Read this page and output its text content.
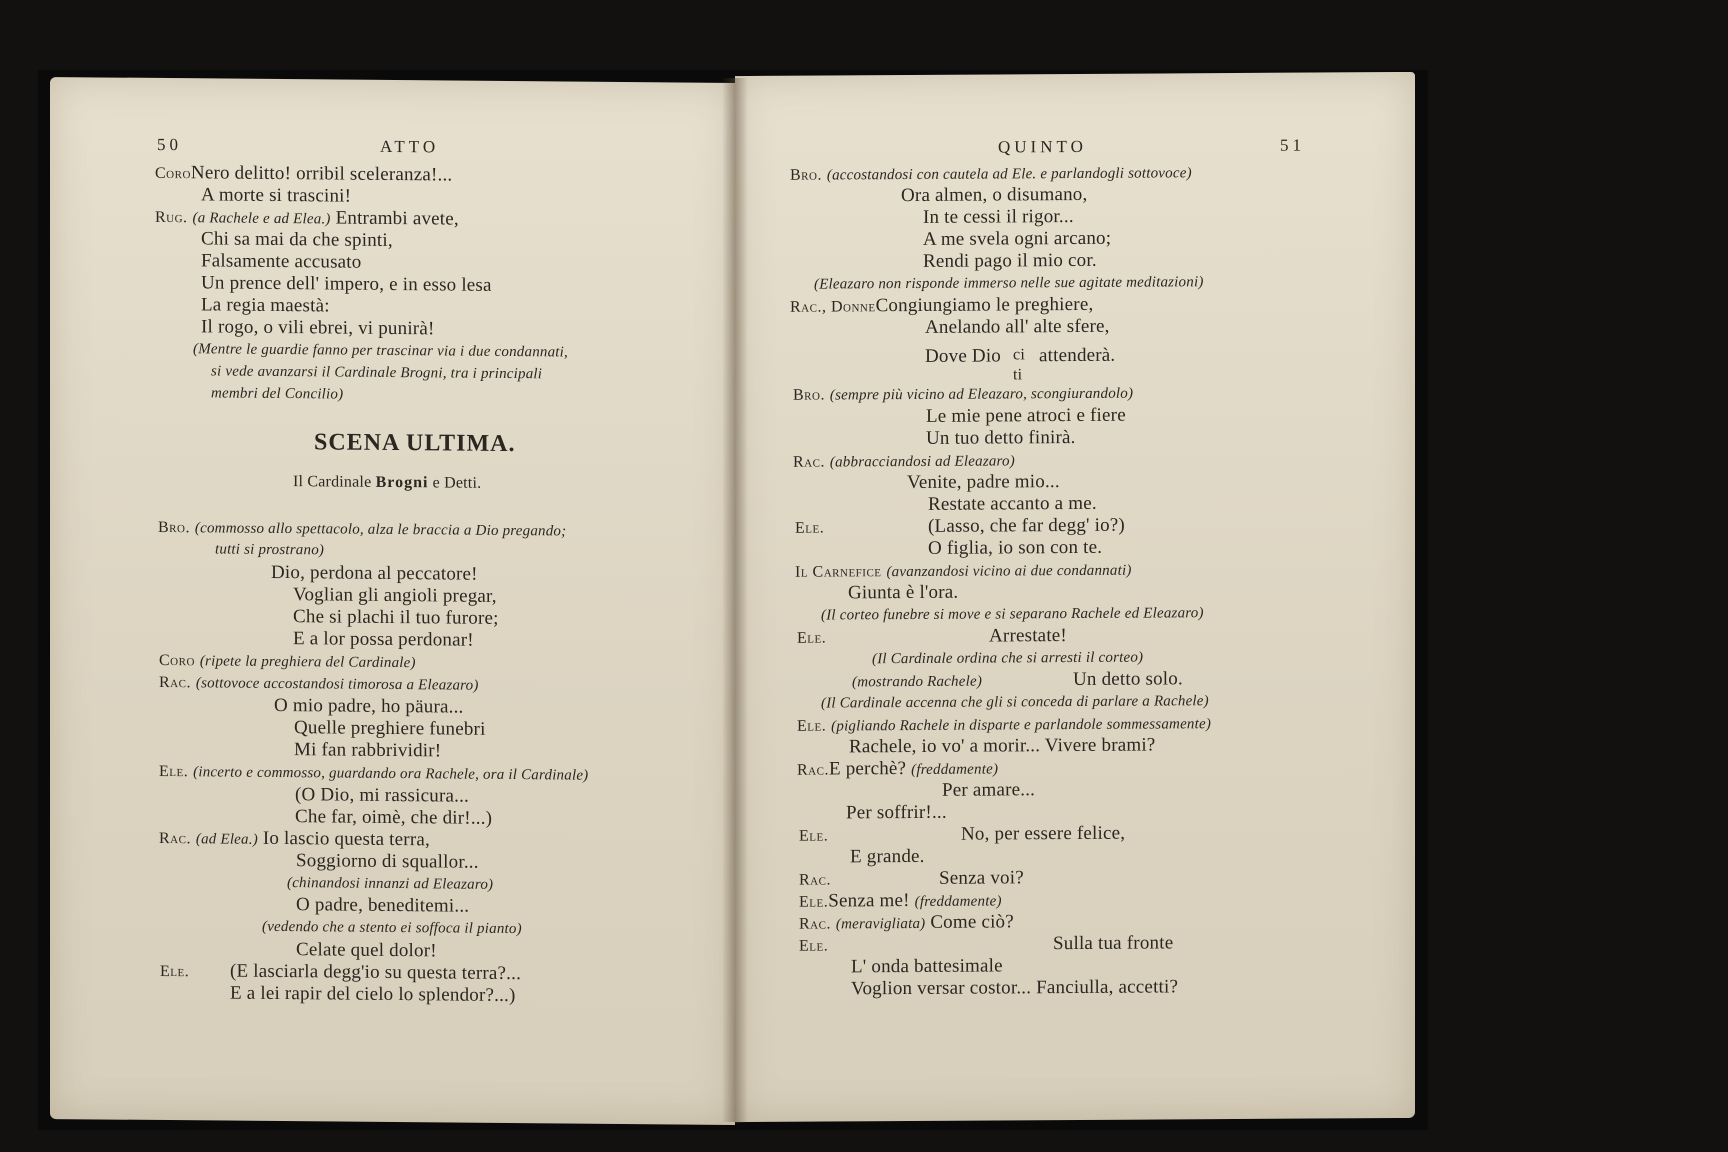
50	ATTO
CoroNero delitto! orribil sceleranza!...
A morte si trascini!
Rug. (a Rachele e ad Elea.) Entrambi avete,
Chi sa mai da che spinti,
Falsamente accusato
Un prence dell' impero, e in esso lesa
La regia maestà:
Il rogo, o vili ebrei, vi punirà!
(Mentre le guardie fanno per trascinar via i due condannati,
si vede avanzarsi il Cardinale Brogni, tra i principali
membri del Concilio)
SCENA ULTIMA.
Il Cardinale Brogni e Detti.
Bro. (commosso allo spettacolo, alza le braccia a Dio pregando;
tutti si prostrano)
Dio, perdona al peccatore!
Voglian gli angioli pregar,
Che si plachi il tuo furore;
E a lor possa perdonar!
Coro (ripete la preghiera del Cardinale)
Rac. (sottovoce accostandosi timorosa a Eleazaro)
O mio padre, ho päura...
Quelle preghiere funebri
Mi fan rabbrividir!
Ele. (incerto e commosso, guardando ora Rachele, ora il Cardinale)
(O Dio, mi rassicura...
Che far, oimè, che dir!...)
Rac. (ad Elea.) Io lascio questa terra,
Soggiorno di squallor...
(chinandosi innanzi ad Eleazaro)
O padre, beneditemi...
(vedendo che a stento ei soffoca il pianto)
Celate quel dolor!
Ele. (E lasciarla degg'io su questa terra?...
E a lei rapir del cielo lo splendor?...)
QUINTO	51
Bro. (accostandosi con cautela ad Ele. e parlandogli sottovoce)
Ora almen, o disumano,
In te cessi il rigor...
A me svela ogni arcano;
Rendi pago il mio cor.
(Eleazaro non risponde immerso nelle sue agitate meditazioni)
Rac., DonneCongiungiamo le preghiere,
Anelando all' alte sfere,
Dove Dio ci
ti
attenderà.
Bro. (sempre più vicino ad Eleazaro, scongiurandolo)
Le mie pene atroci e fiere
Un tuo detto finirà.
Rac. (abbracciandosi ad Eleazaro)
Venite, padre mio...
Restate accanto a me.
Ele.	(Lasso, che far degg' io?)
O figlia, io son con te.
Il Carnefice (avanzandosi vicino ai due condannati)
Giunta è l'ora.
(Il corteo funebre si move e si separano Rachele ed Eleazaro)
Ele.	Arrestate!
(Il Cardinale ordina che si arresti il corteo)
(mostrando Rachele)	Un detto solo.
(Il Cardinale accenna che gli si conceda di parlare a Rachele)
Ele. (pigliando Rachele in disparte e parlandole sommessamente)
Rachele, io vo' a morir... Vivere brami?
Rac.E perchè? (freddamente)
Per amare...
Per soffrir!...
Ele.	No, per essere felice,
E grande.
Rac.	Senza voi?
Ele.Senza me! (freddamente)
Rac. (meravigliata) Come ciò?
Ele.	Sulla tua fronte
L' onda battesimale
Voglion versar costor... Fanciulla, accetti?
